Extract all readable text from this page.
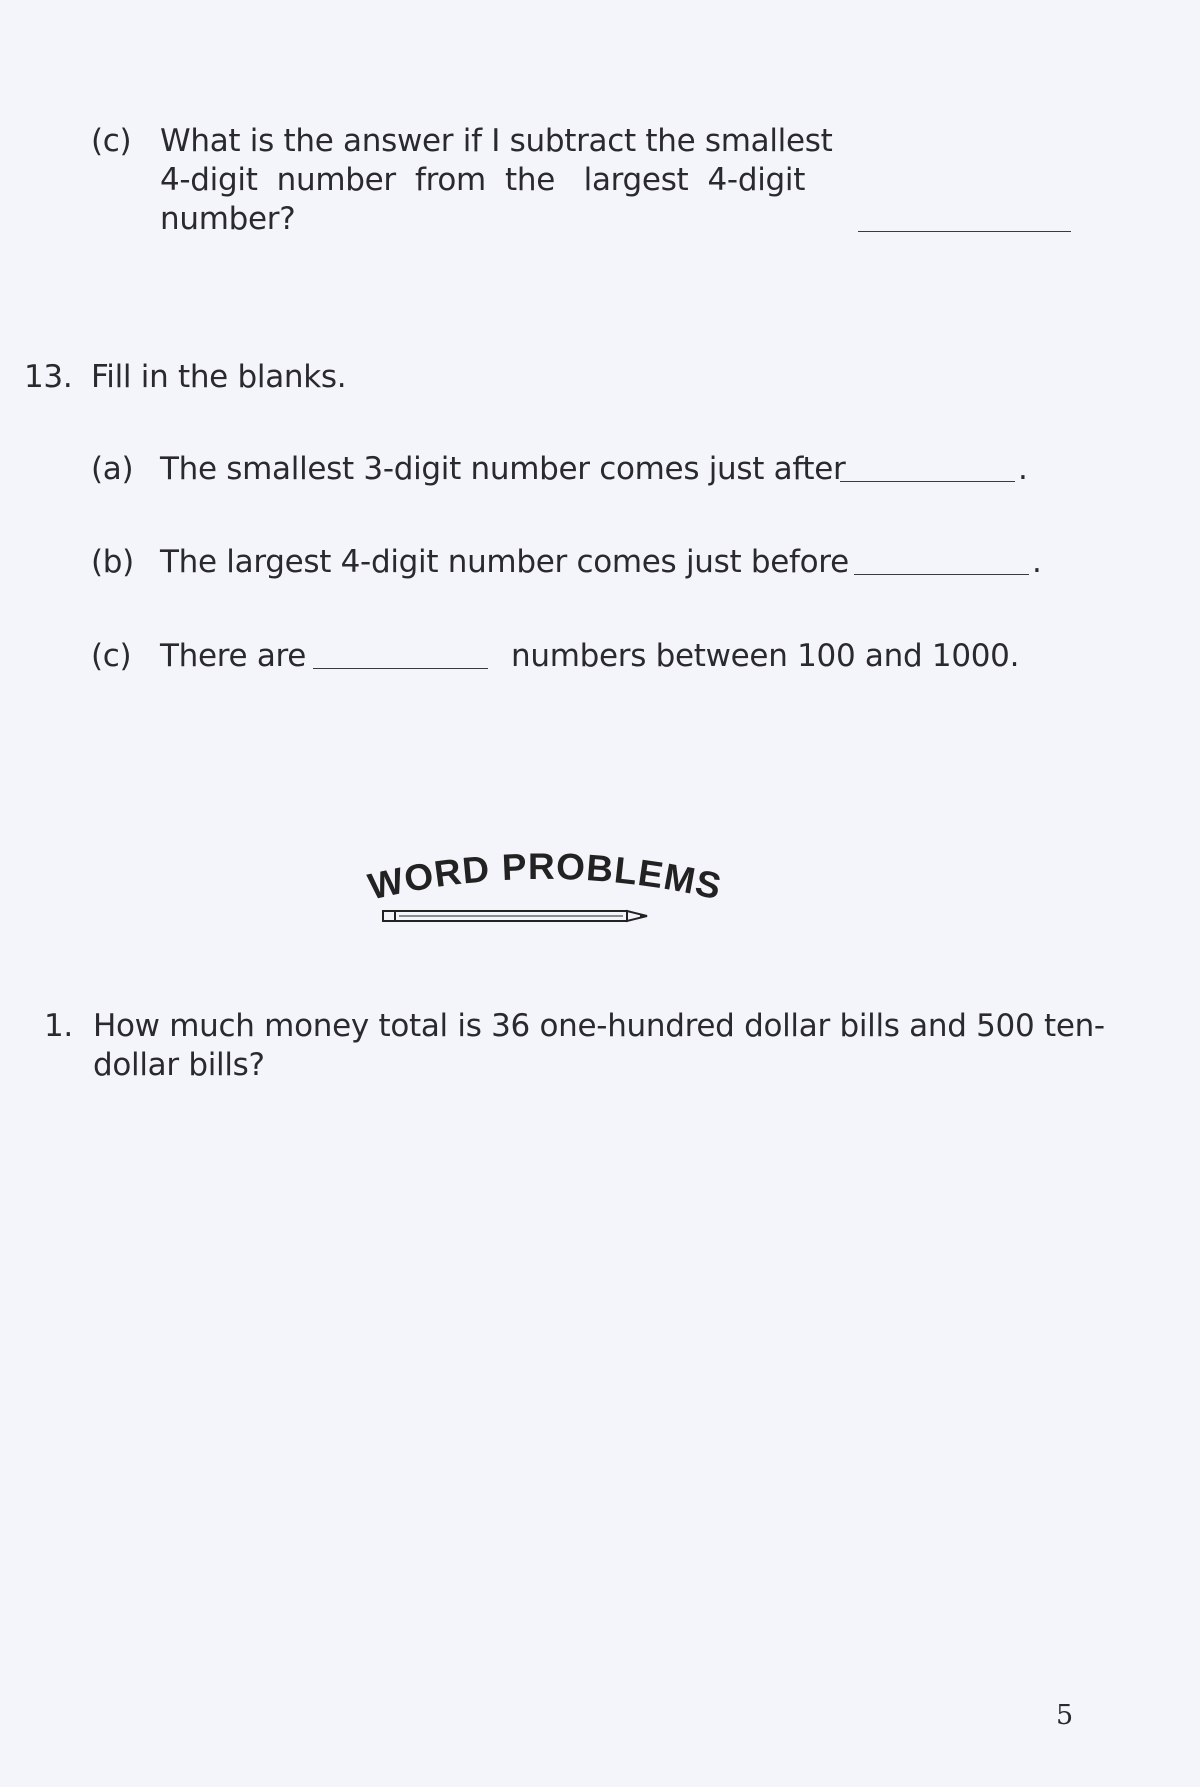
(c) What is the answer if I subtract the smallest
4-digit  number  from  the   largest  4-digit
number?
13. Fill in the blanks.
(a) The smallest 3-digit number comes just after	.
(b) The largest 4-digit number comes just before	.
(c) There are	numbers between 100 and 1000.
WORD PROBLEMS
1. How much money total is 36 one-hundred dollar bills and 500 ten-
dollar bills?
5
